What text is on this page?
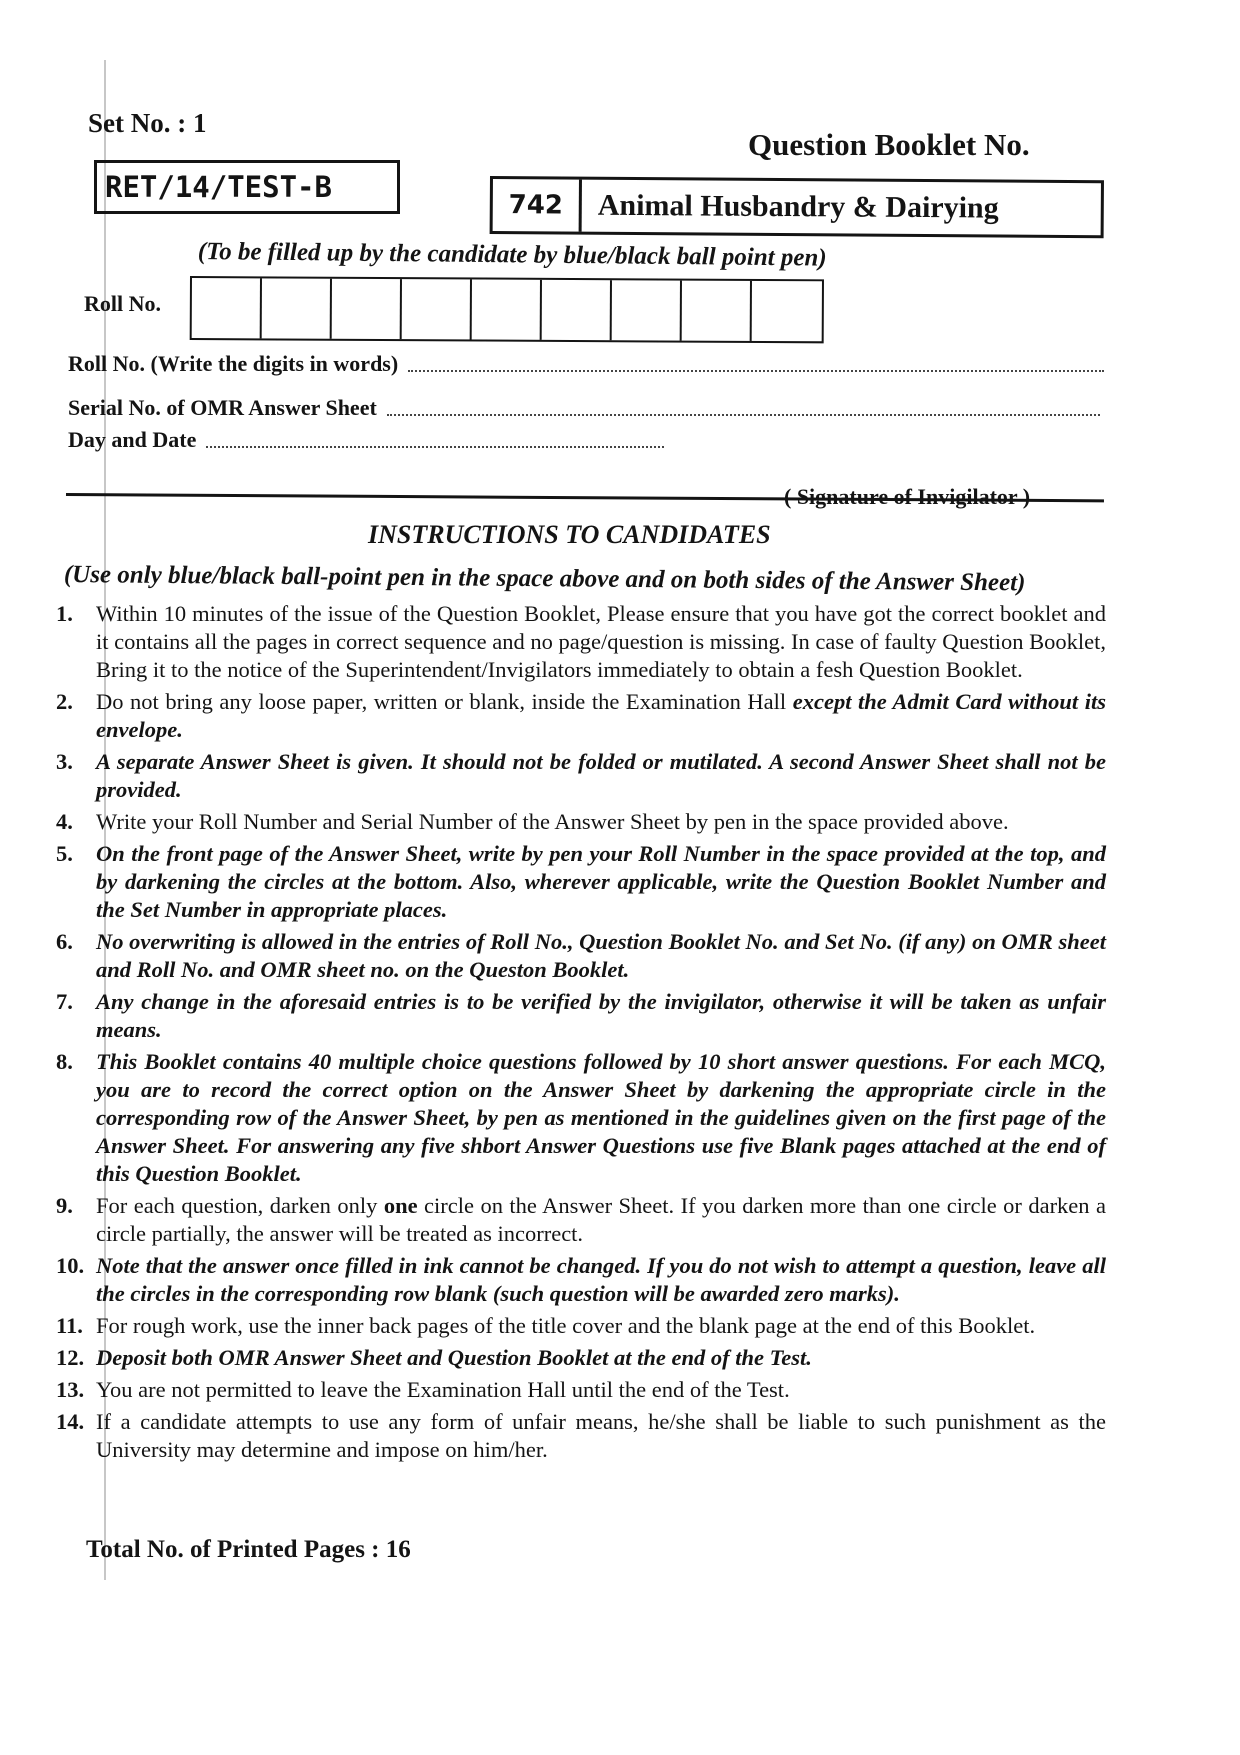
Set No. : 1
RET/14/TEST-B
Question Booklet No.
742	Animal Husbandry & Dairying
(To be filled up by the candidate by blue/black ball point pen)
Roll No.
Roll No. (Write the digits in words)
Serial No. of OMR Answer Sheet
Day and Date
( Signature of Invigilator )
INSTRUCTIONS TO CANDIDATES
(Use only blue/black ball-point pen in the space above and on both sides of the Answer Sheet)
1.	Within 10 minutes of the issue of the Question Booklet, Please ensure that you have got the correct booklet and it contains all the pages in correct sequence and no page/question is missing. In case of faulty Question Booklet, Bring it to the notice of the Superintendent/Invigilators immediately to obtain a fesh Question Booklet.
2.	Do not bring any loose paper, written or blank, inside the Examination Hall except the Admit Card without its envelope.
3.	A separate Answer Sheet is given. It should not be folded or mutilated. A second Answer Sheet shall not be provided.
4.	Write your Roll Number and Serial Number of the Answer Sheet by pen in the space provided above.
5.	On the front page of the Answer Sheet, write by pen your Roll Number in the space provided at the top, and by darkening the circles at the bottom. Also, wherever applicable, write the Question Booklet Number and the Set Number in appropriate places.
6.	No overwriting is allowed in the entries of Roll No., Question Booklet No. and Set No. (if any) on OMR sheet and Roll No. and OMR sheet no. on the Queston Booklet.
7.	Any change in the aforesaid entries is to be verified by the invigilator, otherwise it will be taken as unfair means.
8.	This Booklet contains 40 multiple choice questions followed by 10 short answer questions. For each MCQ, you are to record the correct option on the Answer Sheet by darkening the appropriate circle in the corresponding row of the Answer Sheet, by pen as mentioned in the guidelines given on the first page of the Answer Sheet. For answering any five shbort Answer Questions use five Blank pages attached at the end of this Question Booklet.
9.	For each question, darken only one circle on the Answer Sheet. If you darken more than one circle or darken a circle partially, the answer will be treated as incorrect.
10. Note that the answer once filled in ink cannot be changed. If you do not wish to attempt a question, leave all the circles in the corresponding row blank (such question will be awarded zero marks).
11. For rough work, use the inner back pages of the title cover and the blank page at the end of this Booklet.
12. Deposit both OMR Answer Sheet and Question Booklet at the end of the Test.
13. You are not permitted to leave the Examination Hall until the end of the Test.
14. If a candidate attempts to use any form of unfair means, he/she shall be liable to such punishment as the University may determine and impose on him/her.
Total No. of Printed Pages : 16
